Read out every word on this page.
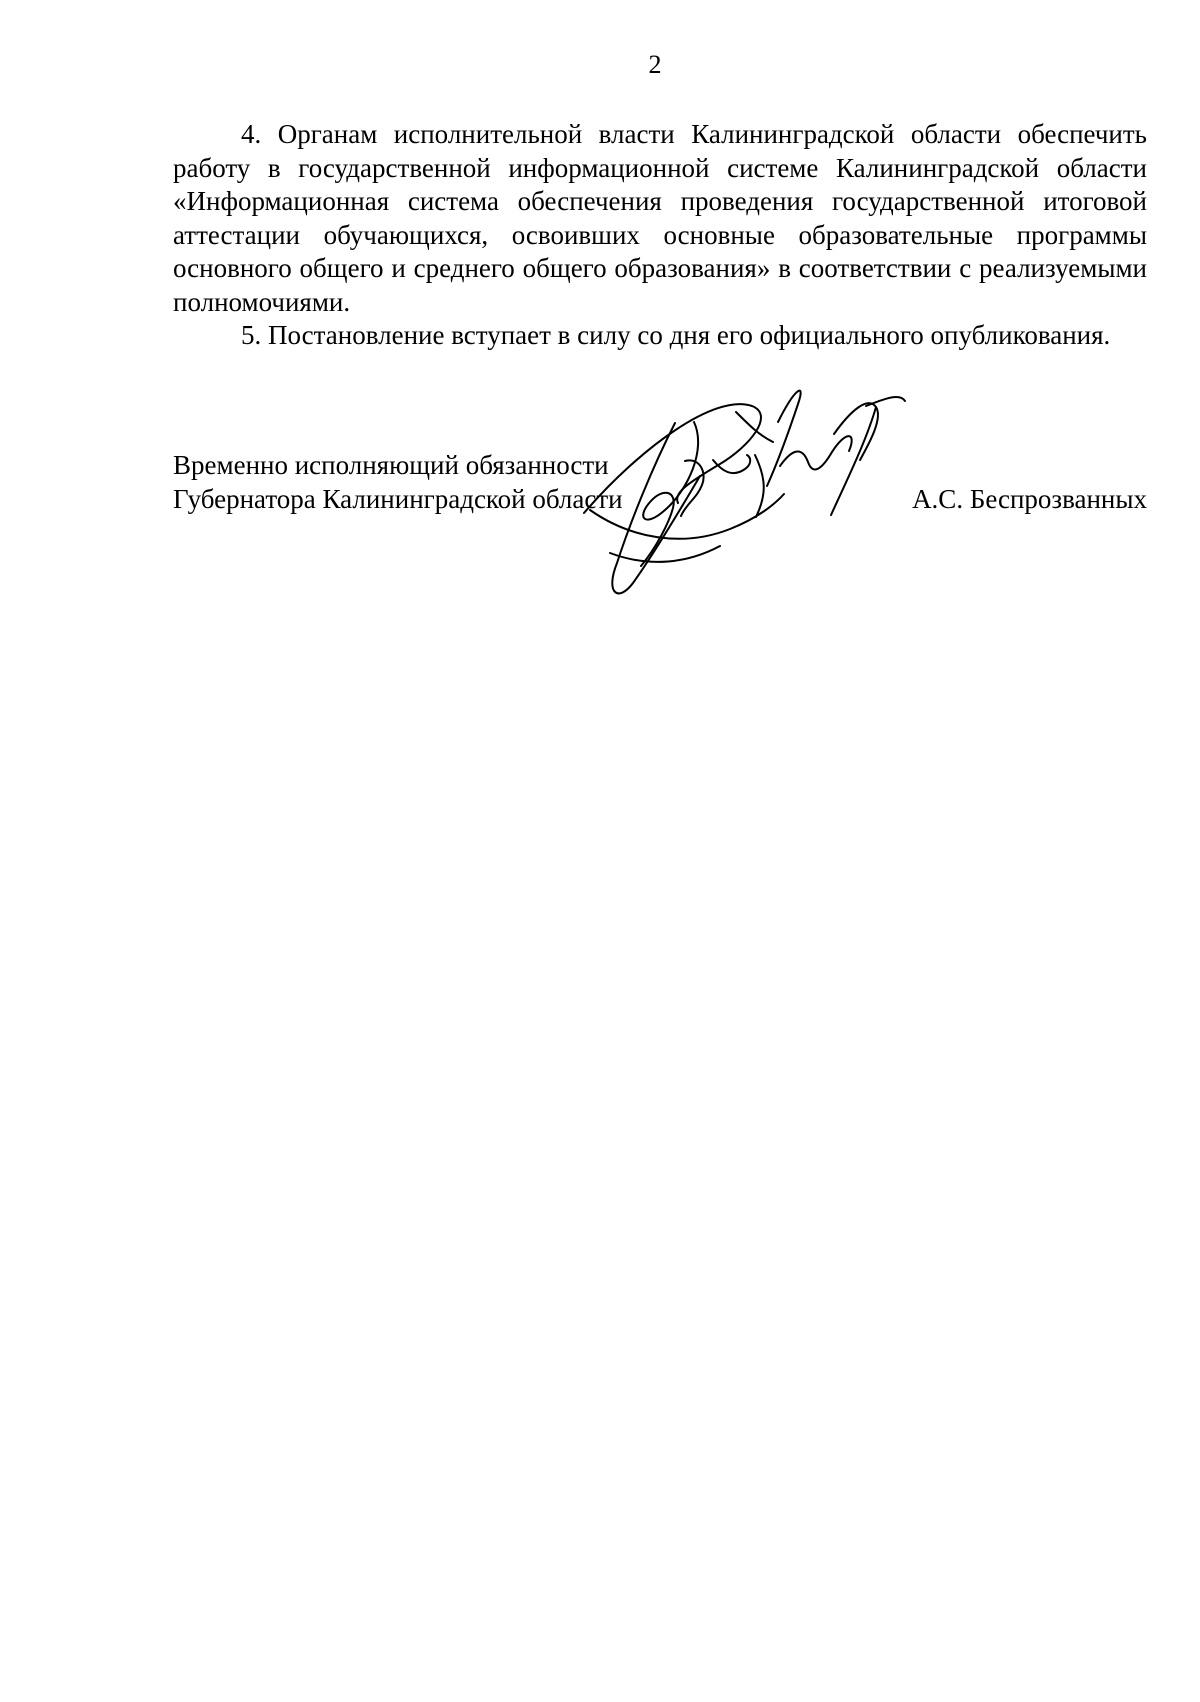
2

4. Органам исполнительной власти Калининградской области обеспечить работу в государственной информационной системе Калининградской области «Информационная система обеспечения проведения государственной итоговой аттестации обучающихся, освоивших основные образовательные программы основного общего и среднего общего образования» в соответствии с реализуемыми полномочиями.

5. Постановление вступает в силу со дня его официального опубликования.

Временно исполняющий обязанности
Губернатора Калининградской области	А.С. Беспрозванных
